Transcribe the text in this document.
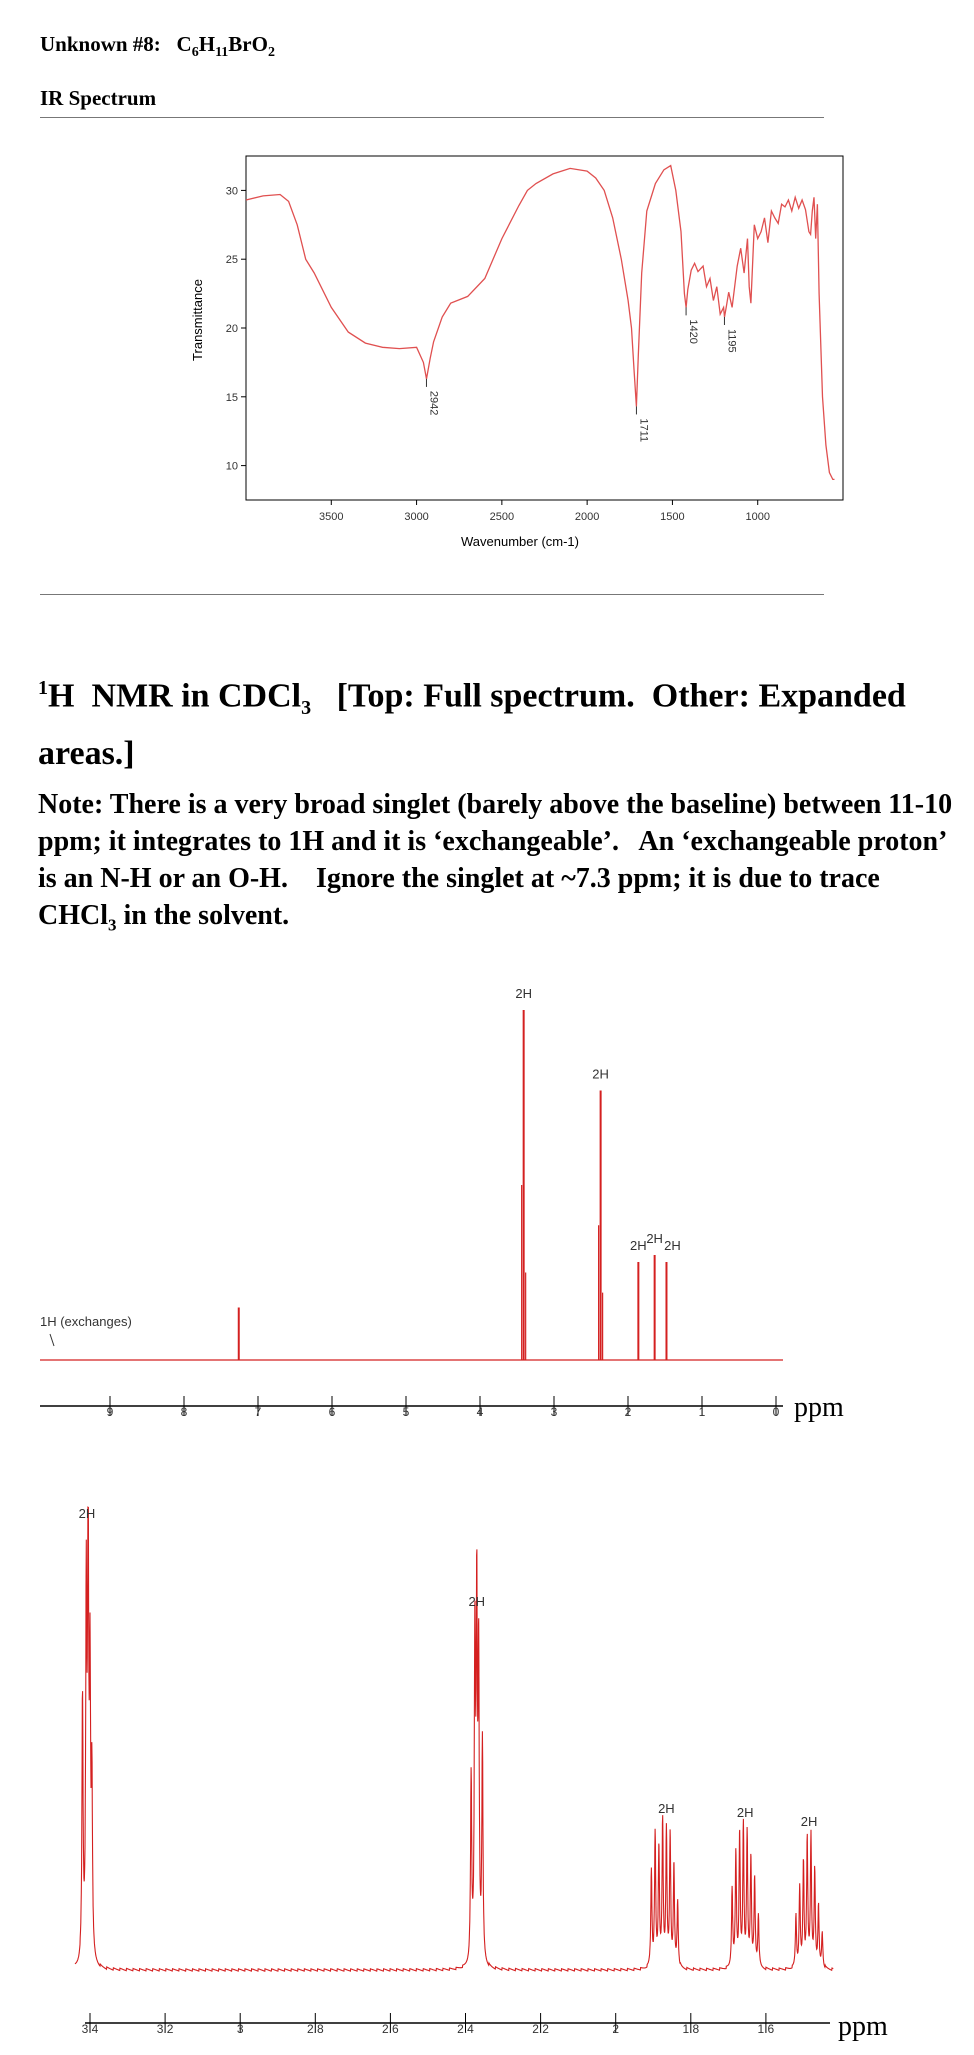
Unknown #8: $C_6H_{11}BrO_2$
IR Spectrum
10
15
20
25
30
3500	3000	2500	2000	1500	1000
2942
1711
1420 1195
Wavenumber (cm-1)
Transmittance
$^1$H  NMR in CDCl$_3$   [Top: Full spectrum.  Other: Expanded areas.]
Note: There is a very broad singlet (barely above the baseline) between 11-10 ppm; it integrates to 1H and it is ‘exchangeable’.   An ‘exchangeable proton’ is an N-H or an O-H.    Ignore the singlet at ~7.3 ppm; it is due to trace CHCl$_3$ in the solvent.
9	8	7	6	5	4	3	2	1	0
1H (exchanges)
2H
2H
2H 2H 2H
ppm
3.4	3.2	3	2.8	2.6	2.4	2.2	2	1.8	1.6
2H
2H
2H	2H
2H
ppm
